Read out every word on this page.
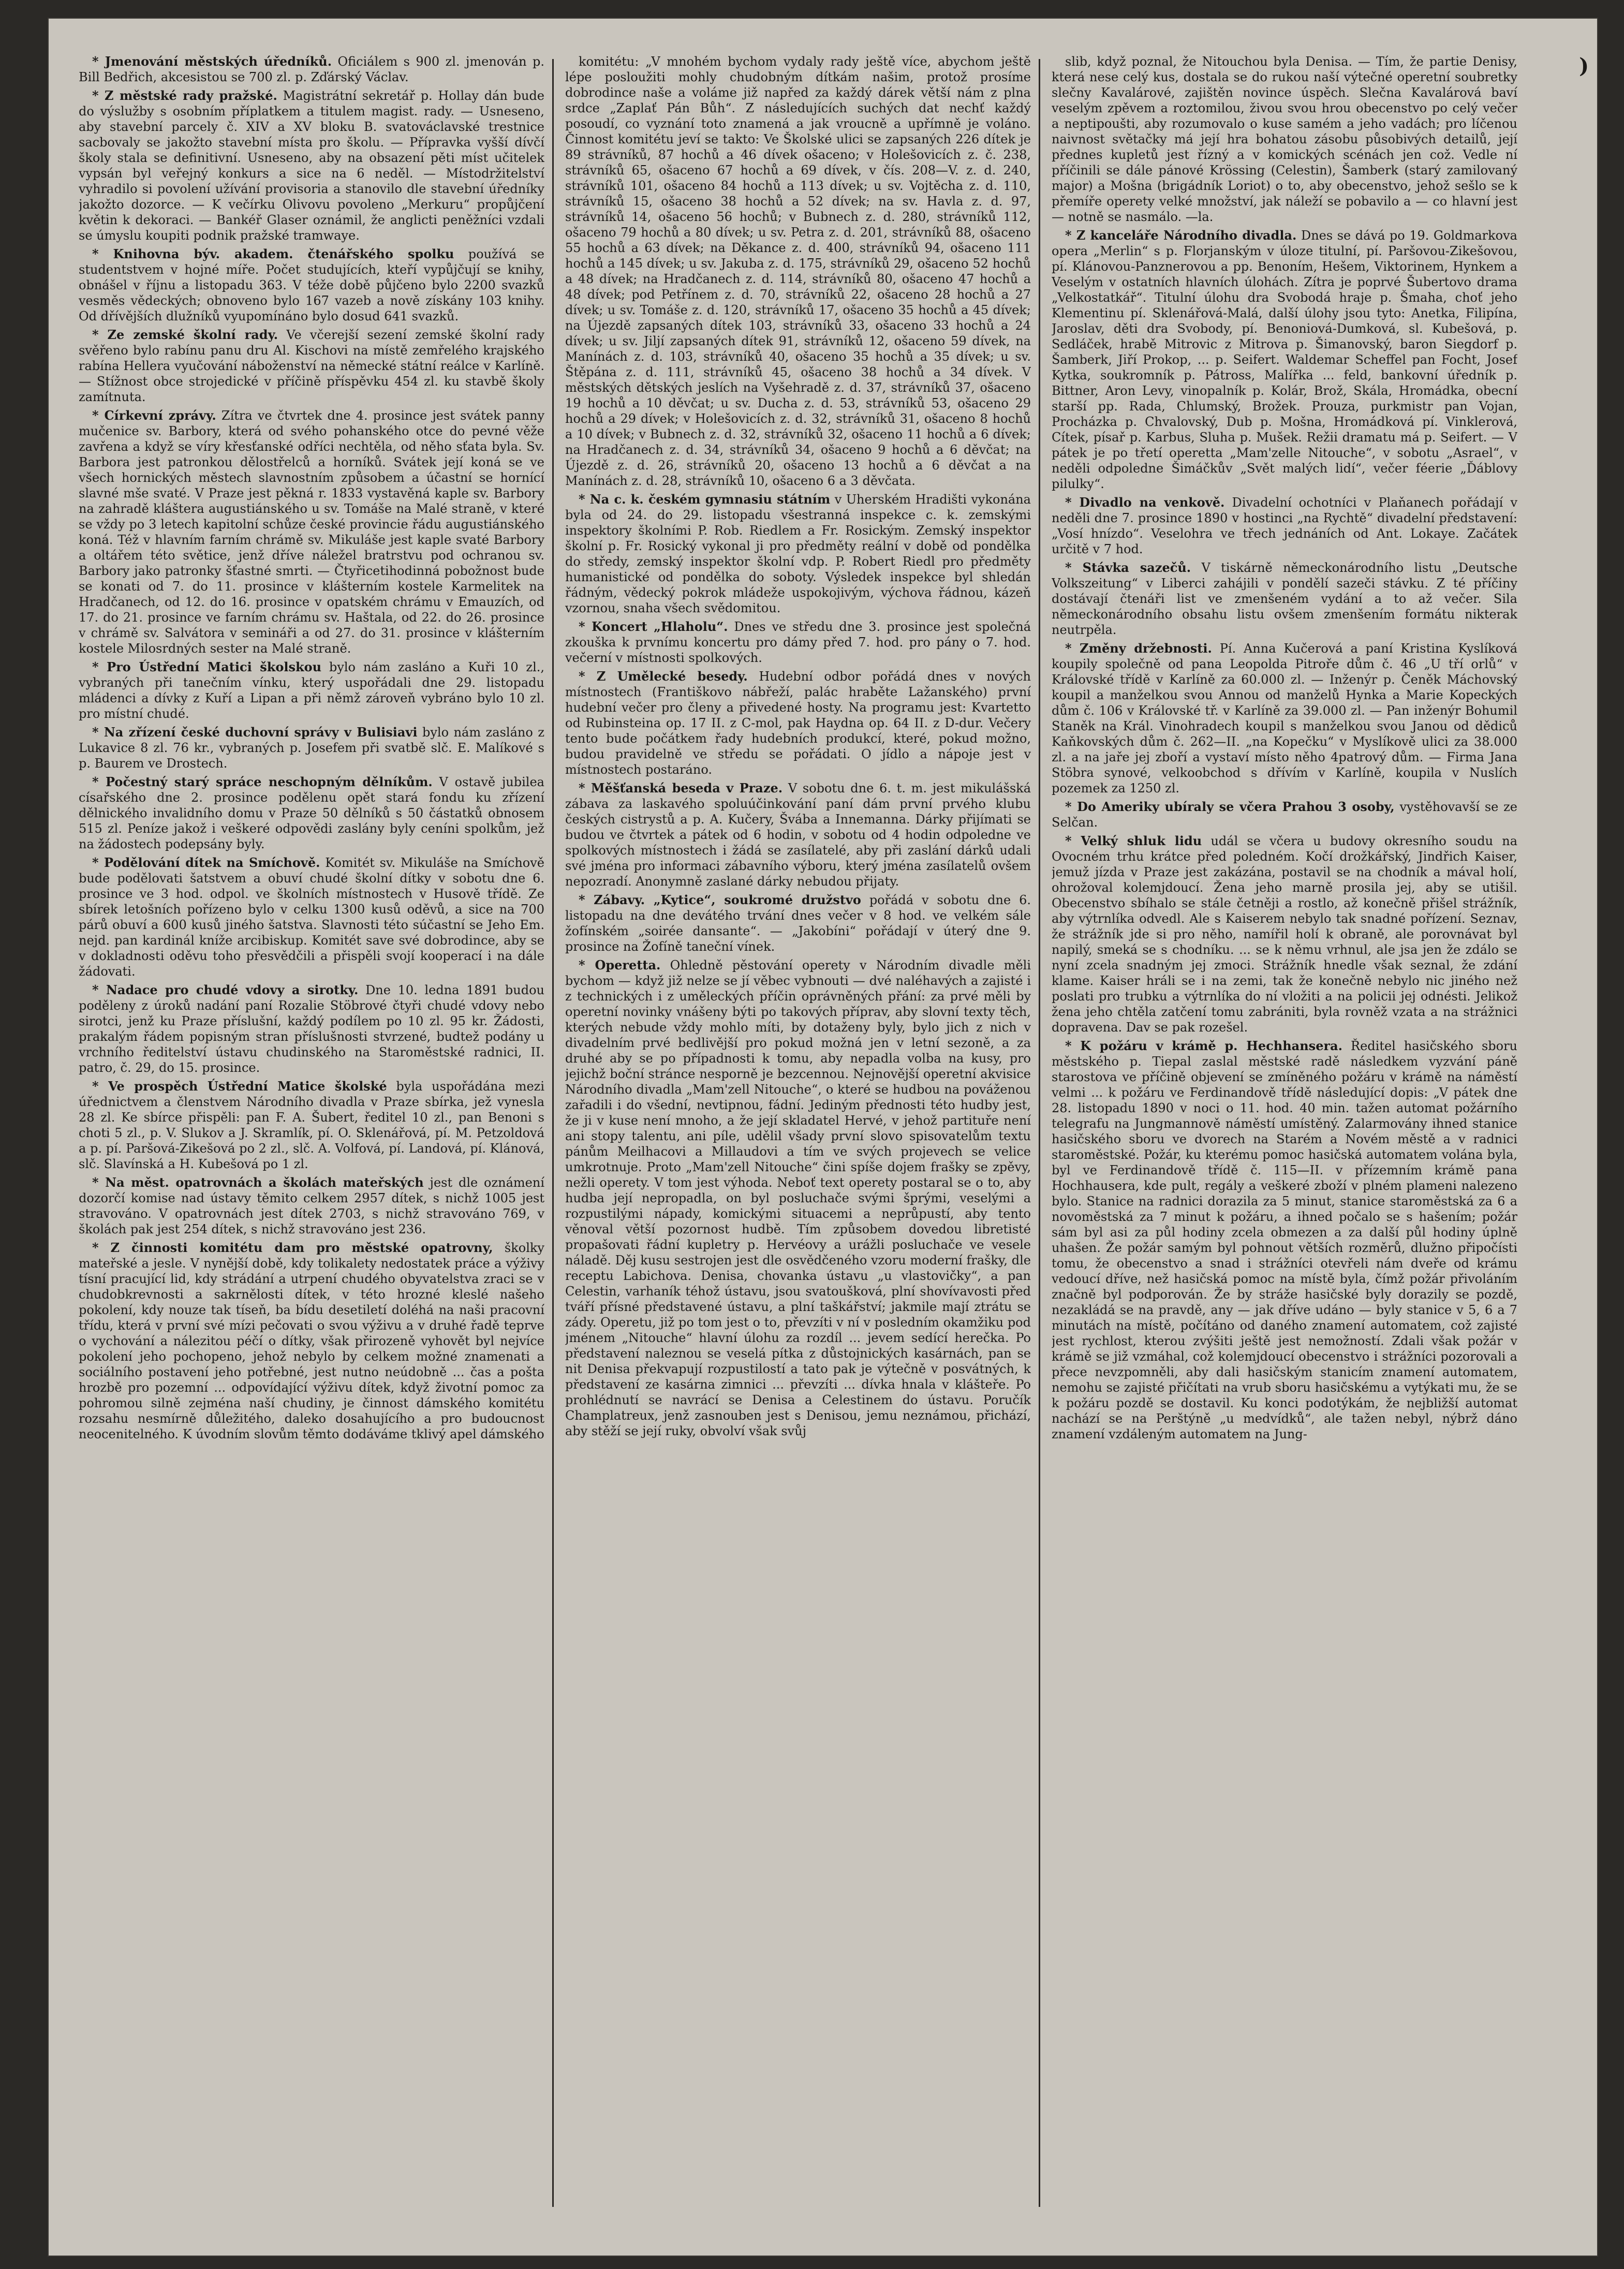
)

* Jmenování městských úředníků. Oficiálem s 900 zl. jmenován p. Bill Bedřich, akcesistou se 700 zl. p. Zďárský Václav.

* Z městské rady pražské. Magistrátní sekretář p. Hollay dán bude do výslužby s osobním příplatkem a titulem magist. rady. — Usneseno, aby stavební parcely č. XIV a XV bloku B. svatováclavské trestnice sacbovaly se jakožto stavební místa pro školu. — Přípravka vyšší dívčí školy stala se definitivní. Usneseno, aby na obsazení pěti míst učitelek vypsán byl veřejný konkurs a sice na 6 neděl. — Místodržitelství vyhradilo si povolení užívání provisoria a stanovilo dle stavební úředníky jakožto dozorce. — K večírku Olivovu povoleno „Merkuru“ propůjčení květin k dekoraci. — Bankéř Glaser oznámil, že anglicti peněžníci vzdali se úmyslu koupiti podnik pražské tramwaye.

* Knihovna býv. akadem. čtenářského spolku používá se studentstvem v hojné míře. Počet studujících, kteří vypůjčují se knihy, obnášel v říjnu a listopadu 363. V téže době půjčeno bylo 2200 svazků vesměs vědeckých; obnoveno bylo 167 vazeb a nově získány 103 knihy. Od dřívějších dlužníků vyupomínáno bylo dosud 641 svazků.

* Ze zemské školní rady. Ve včerejší sezení zemské školní rady svěřeno bylo rabínu panu dru Al. Kischovi na místě zemřelého krajského rabína Hellera vyučování náboženství na německé státní reálce v Karlíně. — Stížnost obce strojedické v příčině příspěvku 454 zl. ku stavbě školy zamítnuta.

* Církevní zprávy. Zítra ve čtvrtek dne 4. prosince jest svátek panny mučenice sv. Barbory, která od svého pohanského otce do pevné věže zavřena a když se víry křesťanské odříci nechtěla, od něho sťata byla. Sv. Barbora jest patronkou dělostřelců a horníků. Svátek její koná se ve všech hornických městech slavnostním způsobem a účastní se hornící slavné mše svaté. V Praze jest pěkná r. 1833 vystavěná kaple sv. Barbory na zahradě kláštera augustiánského u sv. Tomáše na Malé straně, v které se vždy po 3 letech kapitolní schůze české provincie řádu augustiánského koná. Též v hlavním farním chrámě sv. Mikuláše jest kaple svaté Barbory a oltářem této světice, jenž dříve náležel bratrstvu pod ochranou sv. Barbory jako patronky šťastné smrti. — Čtyřicetihodinná pobožnost bude se konati od 7. do 11. prosince v klášterním kostele Karmelitek na Hradčanech, od 12. do 16. prosince v opatském chrámu v Emauzích, od 17. do 21. prosince ve farním chrámu sv. Haštala, od 22. do 26. prosince v chrámě sv. Salvátora v semináři a od 27. do 31. prosince v klášterním kostele Milosrdných sester na Malé straně.

* Pro Ústřední Matici školskou bylo nám zasláno a Kuři 10 zl., vybraných při tanečním vínku, který uspořádali dne 29. listopadu mládenci a dívky z Kuří a Lipan a při němž zároveň vybráno bylo 10 zl. pro místní chudé.

* Na zřízení české duchovní správy v Bulisiavi bylo nám zasláno z Lukavice 8 zl. 76 kr., vybraných p. Josefem při svatbě slč. E. Malíkové s p. Baurem ve Drostech.

* Počestný starý spráce neschopným dělníkům. V ostavě jubilea císařského dne 2. prosince podělenu opět stará fondu ku zřízení dělnického invalidního domu v Praze 50 dělníků s 50 částatků obnosem 515 zl. Peníze jakož i veškeré odpovědi zaslány byly ceníni spolkům, jež na žádostech podepsány byly.

* Podělování dítek na Smíchově. Komitét sv. Mikuláše na Smíchově bude podělovati šatstvem a obuví chudé školní dítky v sobotu dne 6. prosince ve 3 hod. odpol. ve školních místnostech v Husově třídě. Ze sbírek letošních pořízeno bylo v celku 1300 kusů oděvů, a sice na 700 párů obuví a 600 kusů jiného šatstva. Slavnosti této súčastní se Jeho Em. nejd. pan kardinál kníže arcibiskup. Komitét save své dobrodince, aby se v dokladnosti oděvu toho přesvědčili a přispěli svojí kooperací i na dále žádovati.

* Nadace pro chudé vdovy a sirotky. Dne 10. ledna 1891 budou poděleny z úroků nadání paní Rozalie Stöbrové čtyři chudé vdovy nebo sirotci, jenž ku Praze příslušní, každý podílem po 10 zl. 95 kr. Žádosti, prakalým řádem popisným stran příslušnosti stvrzené, budtež podány u vrchního ředitelství ústavu chudinského na Staroměstské radnici, II. patro, č. 29, do 15. prosince.

* Ve prospěch Ústřední Matice školské byla uspořádána mezi úřednictvem a členstvem Národního divadla v Praze sbírka, jež vynesla 28 zl. Ke sbírce přispěli: pan F. A. Šubert, ředitel 10 zl., pan Benoni s choti 5 zl., p. V. Slukov a J. Skramlík, pí. O. Sklenářová, pí. M. Petzoldová a p. pí. Paršová-Zikešová po 2 zl., slč. A. Volfová, pí. Landová, pí. Klánová, slč. Slavínská a H. Kubešová po 1 zl.

* Na měst. opatrovnách a školách mateřských jest dle oznámení dozorčí komise nad ústavy těmito celkem 2957 dítek, s nichž 1005 jest stravováno. V opatrovnách jest dítek 2703, s nichž stravováno 769, v školách pak jest 254 dítek, s nichž stravováno jest 236.

* Z činnosti komitétu dam pro městské opatrovny, školky mateřské a jesle. V nynější době, kdy tolikalety nedostatek práce a výživy tísní pracující lid, kdy strádání a utrpení chudého obyvatelstva zraci se v chudobkrevnosti a sakrnělosti dítek, v této hrozné kleslé našeho pokolení, kdy nouze tak tíseň, ba bídu desetiletí doléhá na naši pracovní třídu, která v první své mízi pečovati o svou výživu a v druhé řadě teprve o vychování a nálezitou péčí o dítky, však přirozeně vyhovět byl nejvíce pokolení jeho pochopeno, jehož nebylo by celkem možné znamenati a sociálního postavení jeho potřebné, jest nutno neúdobně ... čas a pošta hrozbě pro pozemní ... odpovídající výživu dítek, když životní pomoc za pohromou silně zejména naší chudiny, je činnost dámského komitétu rozsahu nesmírně důležitého, daleko dosahujícího a pro budoucnost neocenitelného. K úvodním slovům těmto dodáváme tklivý apel dámského

komitétu: „V mnohém bychom vydaly rady ještě více, abychom ještě lépe posloužiti mohly chudobným dítkám našim, protož prosíme dobrodince naše a voláme již napřed za každý dárek větší nám z plna srdce „Zaplať Pán Bůh“. Z následujících suchých dat nechť každý posoudí, co vyznání toto znamená a jak vroucně a upřímně je voláno. Činnost komitétu jeví se takto: Ve Školské ulici se zapsaných 226 dítek je 89 strávníků, 87 hochů a 46 dívek ošaceno; v Holešovicích z. č. 238, strávníků 65, ošaceno 67 hochů a 69 dívek, v čís. 208—V. z. d. 240, strávníků 101, ošaceno 84 hochů a 113 dívek; u sv. Vojtěcha z. d. 110, strávníků 15, ošaceno 38 hochů a 52 dívek; na sv. Havla z. d. 97, strávníků 14, ošaceno 56 hochů; v Bubnech z. d. 280, strávníků 112, ošaceno 79 hochů a 80 dívek; u sv. Petra z. d. 201, strávníků 88, ošaceno 55 hochů a 63 dívek; na Děkance z. d. 400, strávníků 94, ošaceno 111 hochů a 145 dívek; u sv. Jakuba z. d. 175, strávníků 29, ošaceno 52 hochů a 48 dívek; na Hradčanech z. d. 114, strávníků 80, ošaceno 47 hochů a 48 dívek; pod Petřínem z. d. 70, strávníků 22, ošaceno 28 hochů a 27 dívek; u sv. Tomáše z. d. 120, strávníků 17, ošaceno 35 hochů a 45 dívek; na Újezdě zapsaných dítek 103, strávníků 33, ošaceno 33 hochů a 24 dívek; u sv. Jiljí zapsaných dítek 91, strávníků 12, ošaceno 59 dívek, na Manínách z. d. 103, strávníků 40, ošaceno 35 hochů a 35 dívek; u sv. Štěpána z. d. 111, strávníků 45, ošaceno 38 hochů a 34 dívek. V městských dětských jeslích na Vyšehradě z. d. 37, strávníků 37, ošaceno 19 hochů a 10 děvčat; u sv. Ducha z. d. 53, strávníků 53, ošaceno 29 hochů a 29 dívek; v Holešovicích z. d. 32, strávníků 31, ošaceno 8 hochů a 10 dívek; v Bubnech z. d. 32, strávníků 32, ošaceno 11 hochů a 6 dívek; na Hradčanech z. d. 34, strávníků 34, ošaceno 9 hochů a 6 děvčat; na Újezdě z. d. 26, strávníků 20, ošaceno 13 hochů a 6 děvčat a na Manínách z. d. 28, strávníků 10, ošaceno 6 a 3 děvčata.

* Na c. k. českém gymnasiu státním v Uherském Hradišti vykonána byla od 24. do 29. listopadu všestranná inspekce c. k. zemskými inspektory školními P. Rob. Riedlem a Fr. Rosickým. Zemský inspektor školní p. Fr. Rosický vykonal ji pro předměty reální v době od pondělka do středy, zemský inspektor školní vdp. P. Robert Riedl pro předměty humanistické od pondělka do soboty. Výsledek inspekce byl shledán řádným, vědecký pokrok mládeže uspokojivým, výchova řádnou, kázeň vzornou, snaha všech svědomitou.

* Koncert „Hlaholu“. Dnes ve středu dne 3. prosince jest společná zkouška k prvnímu koncertu pro dámy před 7. hod. pro pány o 7. hod. večerní v místnosti spolkových.

* Z Umělecké besedy. Hudební odbor pořádá dnes v nových místnostech (Františkovo nábřeží, palác hraběte Lažanského) první hudební večer pro členy a přivedené hosty. Na programu jest: Kvartetto od Rubinsteina op. 17 II. z C-mol, pak Haydna op. 64 II. z D-dur. Večery tento bude počátkem řady hudebních produkcí, které, pokud možno, budou pravidelně ve středu se pořádati. O jídlo a nápoje jest v místnostech postaráno.

* Měšťanská beseda v Praze. V sobotu dne 6. t. m. jest mikulášská zábava za laskavého spoluúčinkování paní dám první prvého klubu českých cistrystů a p. A. Kučery, Švába a Innemanna. Dárky přijímati se budou ve čtvrtek a pátek od 6 hodin, v sobotu od 4 hodin odpoledne ve spolkových místnostech i žádá se zasílatelé, aby při zaslání dárků udali své jména pro informaci zábavního výboru, který jména zasílatelů ovšem nepozradí. Anonymně zaslané dárky nebudou přijaty.

* Zábavy. „Kytice“, soukromé družstvo pořádá v sobotu dne 6. listopadu na dne devátého trvání dnes večer v 8 hod. ve velkém sále žofínském „soirée dansante“. — „Jakobíni“ pořádají v úterý dne 9. prosince na Žofíně taneční vínek.

* Operetta. Ohledně pěstování operety v Národním divadle měli bychom — když již nelze se jí věbec vybnouti — dvé naléhavých a zajisté i z technických i z uměleckých příčin oprávněných přání: za prvé měli by operetní novinky vnášeny býti po takových příprav, aby slovní texty těch, kterých nebude vždy mohlo míti, by dotaženy byly, bylo jich z nich v divadelním prvé bedlivější pro pokud možná jen v letní sezoně, a za druhé aby se po případnosti k tomu, aby nepadla volba na kusy, pro jejichž boční stránce nesporně je bezcennou. Nejnovější operetní akvisice Národního divadla „Mam'zell Nitouche“, o které se hudbou na pováženou zařadili i do všední, nevtipnou, fádní. Jediným přednosti této hudby jest, že ji v kuse není mnoho, a že její skladatel Hervé, v jehož partituře není ani stopy talentu, ani píle, udělil všady první slovo spisovatelům textu pánům Meilhacovi a Millaudovi a tím ve svých projevech se velice umkrotnuje. Proto „Mam'zell Nitouche“ čini spíše dojem frašky se zpěvy, nežli operety. V tom jest výhoda. Neboť text operety postaral se o to, aby hudba její nepropadla, on byl posluchače svými šprými, veselými a rozpustilými nápady, komickými situacemi a neprůpustí, aby tento věnoval větší pozornost hudbě. Tím způsobem dovedou libretisté propašovati řádní kupletry p. Hervéovy a urážli posluchače ve vesele náladě. Děj kusu sestrojen jest dle osvědčeného vzoru moderní frašky, dle receptu Labichova. Denisa, chovanka ústavu „u vlastovičky“, a pan Celestin, varhaník téhož ústavu, jsou svatoušková, plní shovívavosti před tváří přísné představené ústavu, a plní taškářství; jakmile mají ztrátu se zády. Operetu, již po tom jest o to, převzíti v ní v posledním okamžiku pod jménem „Nitouche“ hlavní úlohu za rozdíl ... jevem sedící herečka. Po představení naleznou se veselá pítka z důstojnických kasárnách, pan se nit Denisa překvapují rozpustilostí a tato pak je výtečně v posvátných, k představení ze kasárna zimnici ... převzíti ... dívka hnala v klášteře. Po prohlédnutí se navrácí se Denisa a Celestinem do ústavu. Poručík Champlatreux, jenž zasnouben jest s Denisou, jemu neznámou, přichází, aby stěží se její ruky, obvolví však svůj

slib, když poznal, že Nitouchou byla Denisa. — Tím, že partie Denisy, která nese celý kus, dostala se do rukou naší výtečné operetní soubretky slečny Kavalárové, zajištěn novince úspěch. Slečna Kavalárová baví veselým zpěvem a roztomilou, živou svou hrou obecenstvo po celý večer a neptipoušti, aby rozumovalo o kuse samém a jeho vadách; pro líčenou naivnost světačky má její hra bohatou zásobu působivých detailů, její přednes kupletů jest řízný a v komických scénách jen což. Vedle ní příčinili se dále pánové Krössing (Celestin), Šamberk (starý zamilovaný major) a Mošna (brigádník Loriot) o to, aby obecenstvo, jehož sešlo se k přemíře operety velké množství, jak náleží se pobavilo a — co hlavní jest — notně se nasmálo. —la.

* Z kanceláře Národního divadla. Dnes se dává po 19. Goldmarkova opera „Merlin“ s p. Florjanským v úloze titulní, pí. Paršovou-Zikešovou, pí. Klánovou-Panznerovou a pp. Benoním, Hešem, Viktorinem, Hynkem a Veselým v ostatních hlavních úlohách. Zítra je poprvé Šubertovo drama „Velkostatkář“. Titulní úlohu dra Svobodá hraje p. Šmaha, choť jeho Klementinu pí. Sklenářová-Malá, další úlohy jsou tyto: Anetka, Filipína, Jaroslav, děti dra Svobody, pí. Benoniová-Dumková, sl. Kubešová, p. Sedláček, hrabě Mitrovic z Mitrova p. Šimanovský, baron Siegdorf p. Šamberk, Jiří Prokop, ... p. Seifert. Waldemar Scheffel pan Focht, Josef Kytka, soukromník p. Pátross, Malířka ... feld, bankovní úředník p. Bittner, Aron Levy, vinopalník p. Kolár, Brož, Skála, Hromádka, obecní starší pp. Rada, Chlumský, Brožek. Prouza, purkmistr pan Vojan, Procházka p. Chvalovský, Dub p. Mošna, Hromádková pí. Vinklerová, Cítek, písař p. Karbus, Sluha p. Mušek. Režii dramatu má p. Seifert. — V pátek je po třetí operetta „Mam'zelle Nitouche“, v sobotu „Asrael“, v neděli odpoledne Šimáčkův „Svět malých lidí“, večer féerie „Ďáblovy pilulky“.

* Divadlo na venkově. Divadelní ochotníci v Plaňanech pořádají v neděli dne 7. prosince 1890 v hostinci „na Rychtě“ divadelní představení: „Vosí hnízdo“. Veselohra ve třech jednáních od Ant. Lokaye. Začátek určitě v 7 hod.

* Stávka sazečů. V tiskárně německonárodního listu „Deutsche Volkszeitung“ v Liberci zahájili v pondělí sazeči stávku. Z té příčiny dostávají čtenáři list ve zmenšeném vydání a to až večer. Sila německonárodního obsahu listu ovšem zmenšením formátu nikterak neutrpěla.

* Změny držebnosti. Pí. Anna Kučerová a paní Kristina Kyslíková koupily společně od pana Leopolda Pitroře dům č. 46 „U tří orlů“ v Královské třídě v Karlíně za 60.000 zl. — Inženýr p. Čeněk Máchovský koupil a manželkou svou Annou od manželů Hynka a Marie Kopeckých dům č. 106 v Královské tř. v Karlíně za 39.000 zl. — Pan inženýr Bohumil Staněk na Král. Vinohradech koupil s manželkou svou Janou od dědiců Kaňkovských dům č. 262—II. „na Kopečku“ v Myslíkově ulici za 38.000 zl. a na jaře jej zboří a vystaví místo něho 4patrový dům. — Firma Jana Stöbra synové, velkoobchod s dřívím v Karlíně, koupila v Nuslích pozemek za 1250 zl.

* Do Ameriky ubíraly se včera Prahou 3 osoby, vystěhovavší se ze Selčan.

* Velký shluk lidu udál se včera u budovy okresního soudu na Ovocném trhu krátce před poledném. Kočí drožkářský, Jindřich Kaiser, jemuž jízda v Praze jest zakázána, postavil se na chodník a mával holí, ohrožoval kolemjdoucí. Žena jeho marně prosila jej, aby se utišil. Obecenstvo sbíhalo se stále četněji a rostlo, až konečně přišel strážník, aby výtrnlíka odvedl. Ale s Kaiserem nebylo tak snadné pořízení. Seznav, že strážník jde si pro něho, namířil holí k obraně, ale porovnávat byl napilý, smeká se s chodníku. ... se k němu vrhnul, ale jsa jen že zdálo se nyní zcela snadným jej zmoci. Strážník hnedle však seznal, že zdání klame. Kaiser hráli se i na zemi, tak že konečně nebylo nic jiného než poslati pro trubku a výtrnlíka do ní vložiti a na policii jej odnésti. Jelikož žena jeho chtěla zatčení tomu zabrániti, byla rovněž vzata a na strážnici dopravena. Dav se pak rozešel.

* K požáru v krámě p. Hechhansera. Ředitel hasičského sboru městského p. Tiepal zaslal městské radě následkem vyzvání páně starostova ve příčině objevení se zmíněného požáru v krámě na náměstí velmi ... k požáru ve Ferdinandově třídě následující dopis: „V pátek dne 28. listopadu 1890 v noci o 11. hod. 40 min. tažen automat požárního telegrafu na Jungmannově náměstí umístěný. Zalarmovány ihned stanice hasičského sboru ve dvorech na Starém a Novém městě a v radnici staroměstské. Požár, ku kterému pomoc hasičská automatem volána byla, byl ve Ferdinandově třídě č. 115—II. v přízemním krámě pana Hochhausera, kde pult, regály a veškeré zboží v plném plameni nalezeno bylo. Stanice na radnici dorazila za 5 minut, stanice staroměstská za 6 a novoměstská za 7 minut k požáru, a ihned počalo se s hašením; požár sám byl asi za půl hodiny zcela obmezen a za další půl hodiny úplně uhašen. Že požár samým byl pohnout větších rozměrů, dlužno připočísti tomu, že obecenstvo a snad i strážníci otevřeli nám dveře od krámu vedoucí dříve, než hasičská pomoc na místě byla, čímž požár přivoláním značně byl podporován. Že by stráže hasičské byly dorazily se pozdě, nezakládá se na pravdě, any — jak dříve udáno — byly stanice v 5, 6 a 7 minutách na místě, počítáno od daného znamení automatem, což zajisté jest rychlost, kterou zvýšiti ještě jest nemožností. Zdali však požár v krámě se již vzmáhal, což kolemjdoucí obecenstvo i strážníci pozorovali a přece nevzpomněli, aby dali hasičským stanicím znamení automatem, nemohu se zajisté přičítati na vrub sboru hasičskému a vytýkati mu, že se k požáru pozdě se dostavil. Ku konci podotýkám, že nejbližší automat nachází se na Perštýně „u medvídků“, ale tažen nebyl, nýbrž dáno znamení vzdáleným automatem na Jung-
